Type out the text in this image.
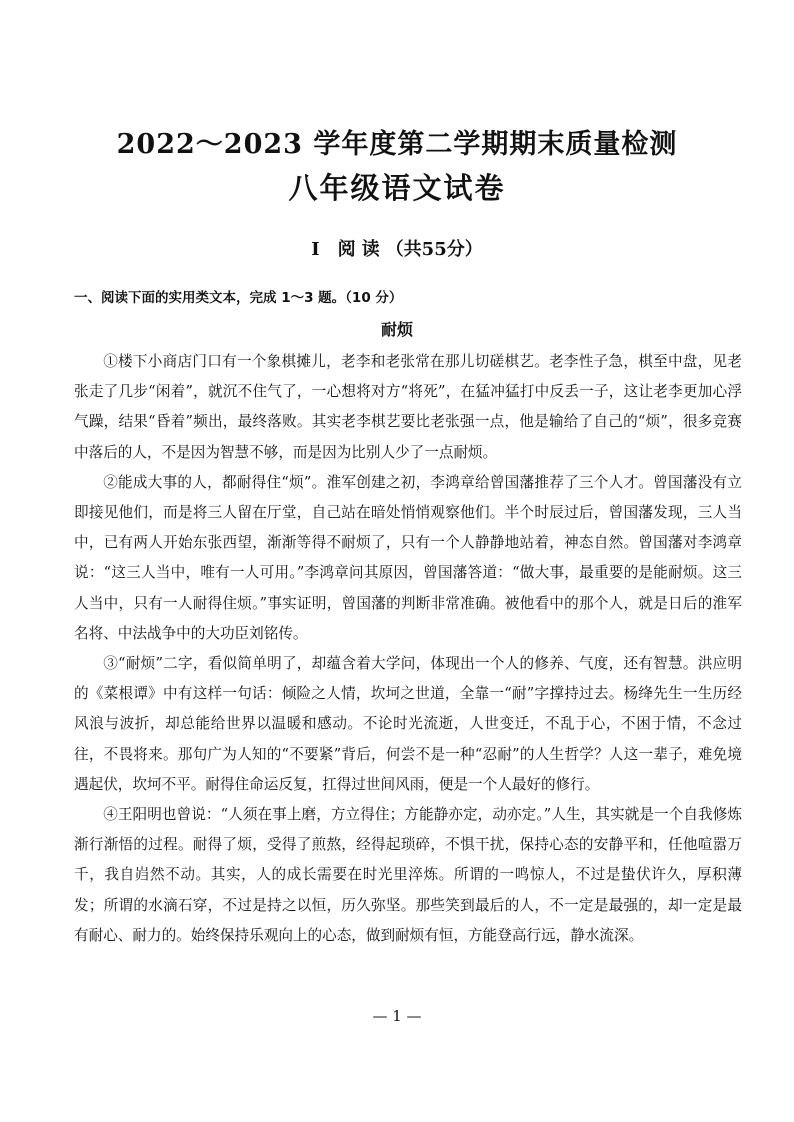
2022～2023 学年度第二学期期末质量检测
八年级语文试卷
Ⅰ 阅读（共55分）
一、阅读下面的实用类文本，完成 1～3 题。（10 分）
耐烦

①楼下小商店门口有一个象棋摊儿，老李和老张常在那儿切磋棋艺。老李性子急，棋至中盘，见老张走了几步“闲着”，就沉不住气了，一心想将对方“将死”，在猛冲猛打中反丢一子，这让老李更加心浮气躁，结果“昏着”频出，最终落败。其实老李棋艺要比老张强一点，他是输给了自己的“烦”，很多竞赛中落后的人，不是因为智慧不够，而是因为比别人少了一点耐烦。

②能成大事的人，都耐得住“烦”。淮军创建之初，李鸿章给曾国藩推荐了三个人才。曾国藩没有立即接见他们，而是将三人留在厅堂，自己站在暗处悄悄观察他们。半个时辰过后，曾国藩发现，三人当中，已有两人开始东张西望，渐渐等得不耐烦了，只有一个人静静地站着，神态自然。曾国藩对李鸿章说：“这三人当中，唯有一人可用。”李鸿章问其原因，曾国藩答道：“做大事，最重要的是能耐烦。这三人当中，只有一人耐得住烦。”事实证明，曾国藩的判断非常准确。被他看中的那个人，就是日后的淮军名将、中法战争中的大功臣刘铭传。

③“耐烦”二字，看似简单明了，却蕴含着大学问，体现出一个人的修养、气度，还有智慧。洪应明的《菜根谭》中有这样一句话：倾险之人情，坎坷之世道，全靠一“耐”字撑持过去。杨绛先生一生历经风浪与波折，却总能给世界以温暖和感动。不论时光流逝，人世变迁，不乱于心，不困于情，不念过往，不畏将来。那句广为人知的“不要紧”背后，何尝不是一种“忍耐”的人生哲学？人这一辈子，难免境遇起伏，坎坷不平。耐得住命运反复，扛得过世间风雨，便是一个人最好的修行。

④王阳明也曾说：“人须在事上磨，方立得住；方能静亦定，动亦定。”人生，其实就是一个自我修炼渐行渐悟的过程。耐得了烦，受得了煎熬，经得起琐碎，不惧干扰，保持心态的安静平和，任他喧嚣万千，我自岿然不动。其实，人的成长需要在时光里淬炼。所谓的一鸣惊人，不过是蛰伏许久，厚积薄发；所谓的水滴石穿，不过是持之以恒，历久弥坚。那些笑到最后的人，不一定是最强的，却一定是最有耐心、耐力的。始终保持乐观向上的心态，做到耐烦有恒，方能登高行远，静水流深。

— 1 —
